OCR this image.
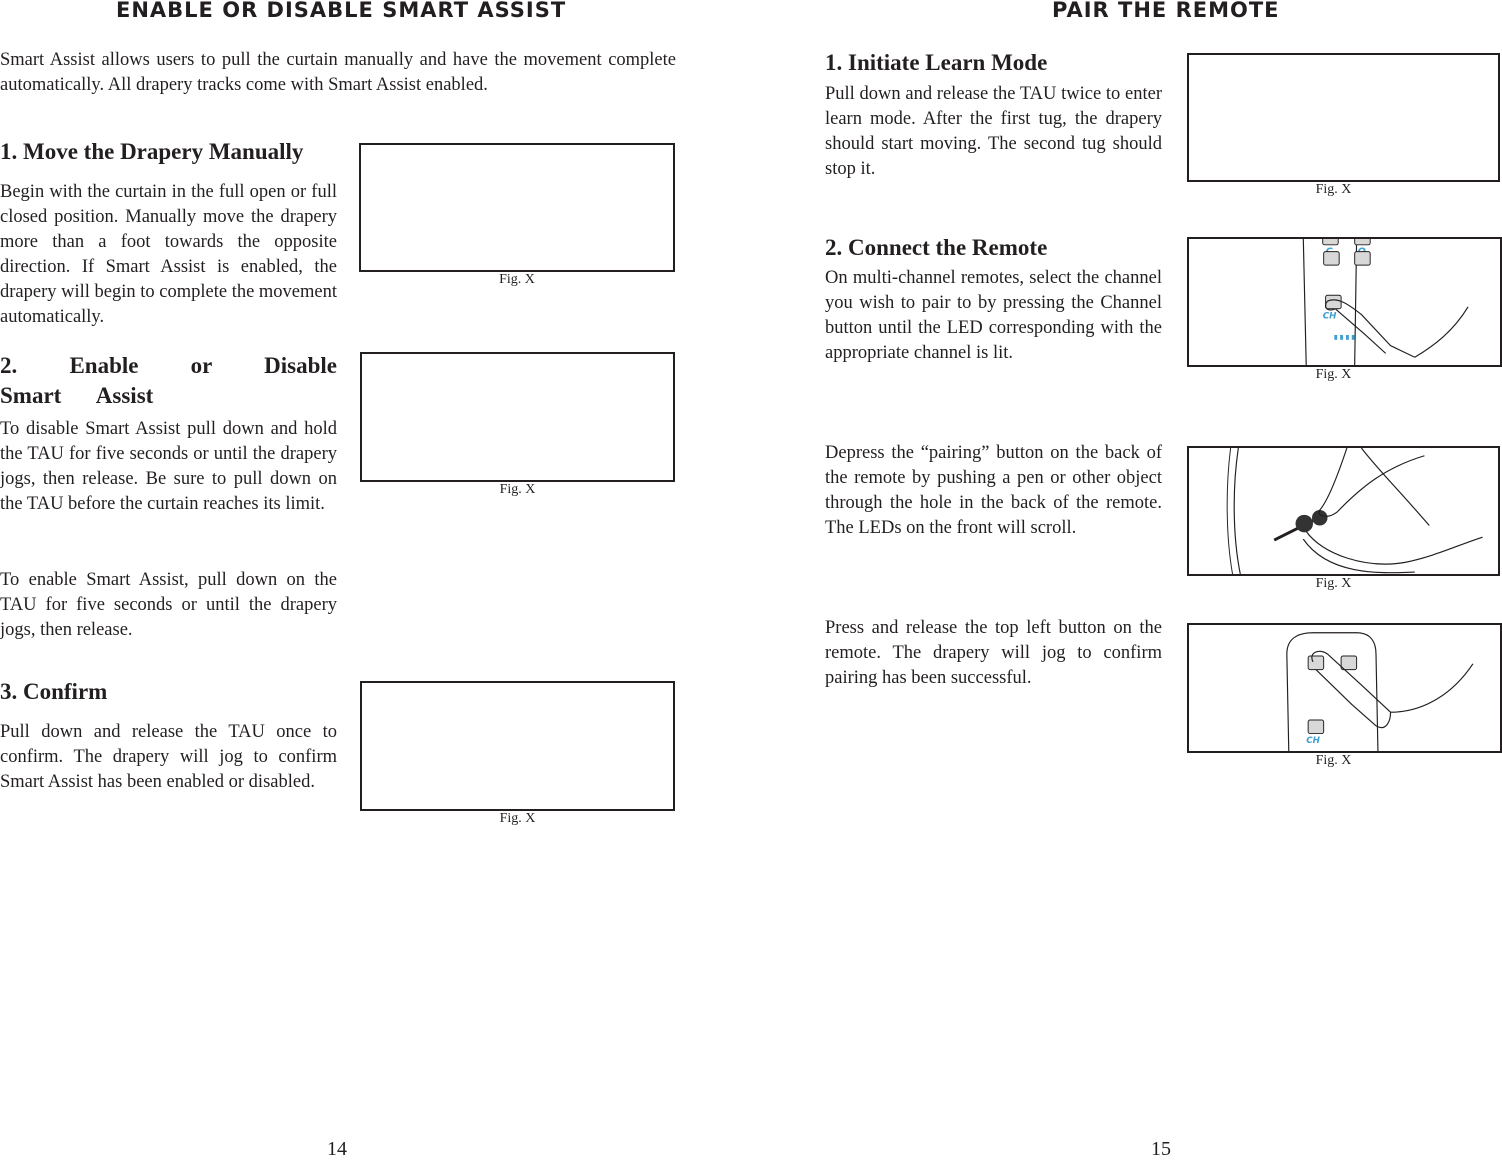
ENABLE OR DISABLE SMART ASSIST

Smart Assist allows users to pull the curtain manually and have the movement complete automatically. All drapery tracks come with Smart Assist enabled.

1. Move the Drapery Manually

Begin with the curtain in the full open or full closed position. Manually move the drapery more than a foot towards the opposite direction. If Smart Assist is enabled, the drapery will begin to complete the movement automatically.

Fig. X
2. Enable or Disable Smart Assist

To disable Smart Assist pull down and hold the TAU for five seconds or until the drapery jogs, then release. Be sure to pull down on the TAU before the curtain reaches its limit.

To enable Smart Assist, pull down on the TAU for five seconds or until the drapery jogs, then release.

Fig. X
3. Confirm

Pull down and release the TAU once to confirm. The drapery will jog to confirm Smart Assist has been enabled or disabled.

Fig. X
14
PAIR THE REMOTE
1. Initiate Learn Mode

Pull down and release the TAU twice to enter learn mode. After the first tug, the drapery should start moving. The second tug should stop it.

Fig. X
2. Connect the Remote

On multi-channel remotes, select the channel you wish to pair to by pressing the Channel button until the LED corresponding with the appropriate channel is lit.

CH
Fig. X

Depress the “pairing” button on the back of the remote by pushing a pen or other object through the hole in the back of the remote. The LEDs on the front will scroll.

Fig. X

Press and release the top left button on the remote. The drapery will jog to confirm pairing has been successful.

CH
Fig. X
15
